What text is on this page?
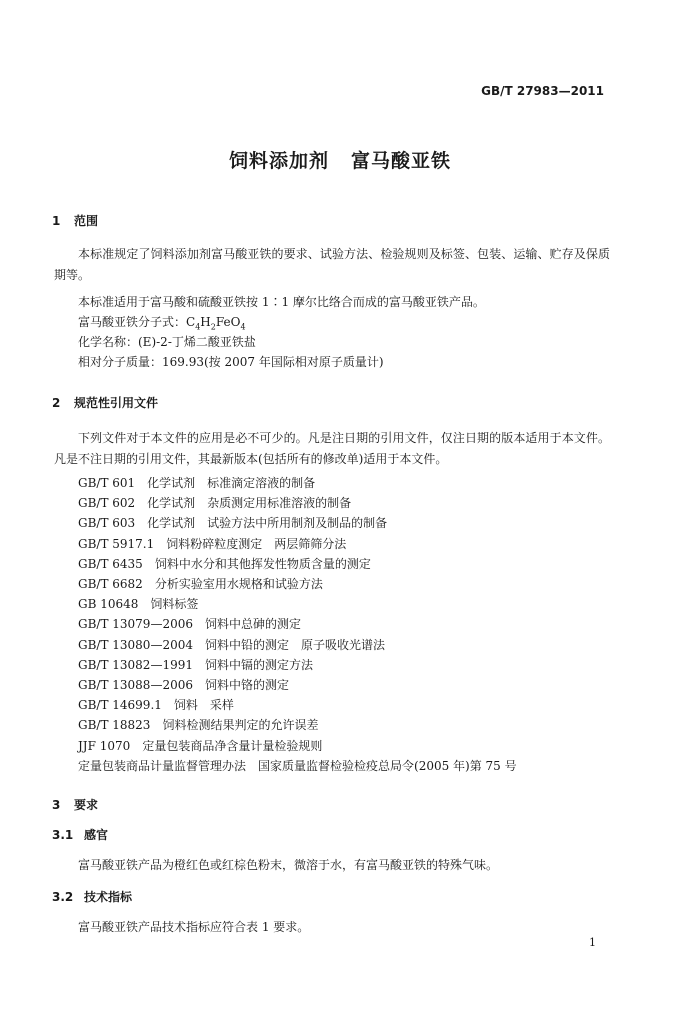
GB/T 27983—2011
饲料添加剂 富马酸亚铁
1 范围
本标准规定了饲料添加剂富马酸亚铁的要求、试验方法、检验规则及标签、包装、运输、贮存及保质期等。
本标准适用于富马酸和硫酸亚铁按 1∶1 摩尔比络合而成的富马酸亚铁产品。
富马酸亚铁分子式：$C_4H_2FeO_4$
化学名称：(E)-2-丁烯二酸亚铁盐
相对分子质量：169.93(按 2007 年国际相对原子质量计)
2 规范性引用文件
下列文件对于本文件的应用是必不可少的。凡是注日期的引用文件，仅注日期的版本适用于本文件。凡是不注日期的引用文件，其最新版本(包括所有的修改单)适用于本文件。
GB/T 601 化学试剂　标准滴定溶液的制备
GB/T 602 化学试剂　杂质测定用标准溶液的制备
GB/T 603 化学试剂　试验方法中所用制剂及制品的制备
GB/T 5917.1 饲料粉碎粒度测定　两层筛筛分法
GB/T 6435 饲料中水分和其他挥发性物质含量的测定
GB/T 6682 分析实验室用水规格和试验方法
GB 10648 饲料标签
GB/T 13079—2006 饲料中总砷的测定
GB/T 13080—2004 饲料中铅的测定　原子吸收光谱法
GB/T 13082—1991 饲料中镉的测定方法
GB/T 13088—2006 饲料中铬的测定
GB/T 14699.1 饲料　采样
GB/T 18823 饲料检测结果判定的允许误差
JJF 1070 定量包装商品净含量计量检验规则
定量包装商品计量监督管理办法 国家质量监督检验检疫总局令(2005 年)第 75 号
3 要求
3.1 感官
富马酸亚铁产品为橙红色或红棕色粉末，微溶于水，有富马酸亚铁的特殊气味。
3.2 技术指标
富马酸亚铁产品技术指标应符合表 1 要求。
1
